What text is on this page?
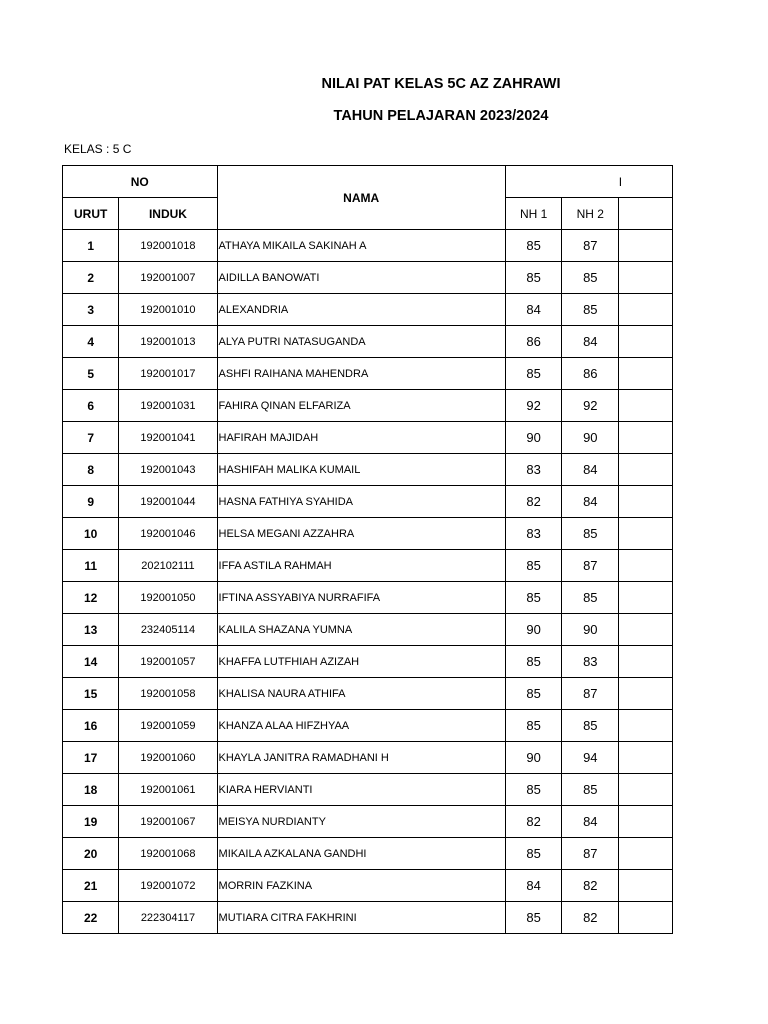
NILAI PAT KELAS 5C AZ ZAHRAWI
TAHUN PELAJARAN 2023/2024
KELAS : 5 C
NO		NAMA	I		
URUT	INDUK		NH 1	NH 2	
1	192001018	ATHAYA MIKAILA SAKINAH A	85	87	
2	192001007	AIDILLA BANOWATI	85	85	
3	192001010	ALEXANDRIA	84	85	
4	192001013	ALYA PUTRI NATASUGANDA	86	84	
5	192001017	ASHFI RAIHANA MAHENDRA	85	86	
6	192001031	FAHIRA QINAN ELFARIZA	92	92	
7	192001041	HAFIRAH MAJIDAH	90	90	
8	192001043	HASHIFAH MALIKA KUMAIL	83	84	
9	192001044	HASNA FATHIYA SYAHIDA	82	84	
10	192001046	HELSA MEGANI AZZAHRA	83	85	
11	202102111	IFFA ASTILA RAHMAH	85	87	
12	192001050	IFTINA ASSYABIYA NURRAFIFA	85	85	
13	232405114	KALILA SHAZANA YUMNA	90	90	
14	192001057	KHAFFA LUTFHIAH AZIZAH	85	83	
15	192001058	KHALISA NAURA ATHIFA	85	87	
16	192001059	KHANZA ALAA HIFZHYAA	85	85	
17	192001060	KHAYLA JANITRA RAMADHANI H	90	94	
18	192001061	KIARA HERVIANTI	85	85	
19	192001067	MEISYA NURDIANTY	82	84	
20	192001068	MIKAILA AZKALANA GANDHI	85	87	
21	192001072	MORRIN FAZKINA	84	82	
22	222304117	MUTIARA CITRA FAKHRINI	85	82	
